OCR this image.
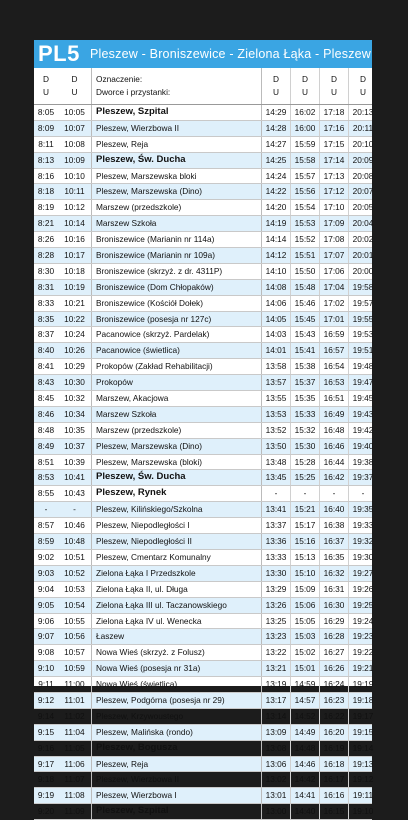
PL5 Pleszew - Broniszewice - Zielona Łąka - Pleszew
D
U
D
U
Oznaczenie:
Dworce i przystanki:
D
U
D
U
D
U
D
U
8:05	10:05	Pleszew, Szpital	14:29 16:02 17:18 20:13
8:09	10:07	Pleszew, Wierzbowa II	14:28 16:00 17:16	20:11
8:11	10:08	Pleszew, Reja	14:27 15:59 17:15 20:10
8:13	10:09	Pleszew, Św. Ducha	14:25 15:58 17:14 20:09
8:16	10:10	Pleszew, Marszewska bloki	14:24 15:57 17:13 20:08
8:18	10:11	Pleszew, Marszewska (Dino)	14:22 15:56 17:12 20:07
8:19	10:12	Marszew (przedszkole)	14:20 15:54 17:10 20:05
8:21	10:14	Marszew Szkoła	14:19 15:53 17:09 20:04
8:26	10:16	Broniszewice (Marianin nr 114a)	14:14 15:52 17:08 20:02
8:28	10:17	Broniszewice (Marianin nr 109a)	14:12 15:51 17:07 20:01
8:30	10:18	Broniszewice (skrzyż. z dr. 4311P)	14:10 15:50 17:06 20:00
8:31	10:19	Broniszewice (Dom Chłopaków)	14:08 15:48 17:04 19:58
8:33	10:21	Broniszewice (Kościół Dołek)	14:06 15:46 17:02 19:57
8:35	10:22	Broniszewice (posesja nr 127c)	14:05 15:45 17:01 19:55
8:37	10:24	Pacanowice (skrzyż. Pardelak)	14:03 15:43 16:59 19:53
8:40	10:26	Pacanowice (świetlica)	14:01 15:41 16:57 19:51
8:41	10:29	Prokopów (Zakład Rehabilitacji)	13:58 15:38 16:54 19:48
8:43	10:30	Prokopów	13:57 15:37 16:53 19:47
8:45	10:32	Marszew, Akacjowa	13:55 15:35 16:51 19:45
8:46	10:34	Marszew Szkoła	13:53 15:33 16:49 19:43
8:48	10:35	Marszew (przedszkole)	13:52 15:32 16:48 19:42
8:49	10:37	Pleszew, Marszewska (Dino)	13:50 15:30 16:46 19:40
8:51	10:39	Pleszew, Marszewska (bloki)	13:48 15:28 16:44 19:38
8:53	10:41	Pleszew, Św. Ducha	13:45 15:25 16:42 19:37
8:55	10:43	Pleszew, Rynek	-	-	-	-
-	-	Pleszew, Kilińskiego/Szkolna	13:41 15:21 16:40 19:35
8:57	10:46	Pleszew, Niepodległości I	13:37 15:17 16:38 19:33
8:59	10:48	Pleszew, Niepodległości II	13:36 15:16 16:37 19:32
9:02	10:51	Pleszew, Cmentarz Komunalny	13:33 15:13 16:35 19:30
9:03	10:52	Zielona Łąka I Przedszkole	13:30 15:10 16:32 19:27
9:04	10:53	Zielona Łąka II, ul. Długa	13:29 15:09 16:31 19:26
9:05	10:54	Zielona Łąka III ul. Taczanowskiego	13:26 15:06 16:30 19:25
9:06	10:55	Zielona Łąka IV ul. Wenecka	13:25 15:05 16:29 19:24
9:07	10:56	Łaszew	13:23 15:03 16:28 19:23
9:08	10:57	Nowa Wieś (skrzyż. z Folusz)	13:22 15:02 16:27 19:22
9:10	10:59	Nowa Wieś (posesja nr 31a)	13:21 15:01 16:26 19:21
9:11	11:00	Nowa Wieś (świetlica)	13:19 14:59 16:24 19:19
9:12	11:01	Pleszew, Podgórna (posesja nr 29)	13:17 14:57 16:23 19:18
9:14	11:02	Pleszew, Krzywoustego	13:14 14:52 16:22 19:17
9:15	11:04	Pleszew, Malińska (rondo)	13:09 14:49 16:20 19:15
9:16	11:05	Pleszew, Bogusza	13:08 14:48 16:19 19:14
9:17	11:06	Pleszew, Reja	13:06 14:46 16:18 19:13
9:18	11:07	Pleszew, Wierzbowa II	13:02 14:42 16:17 19:12
9:19	11:08	Pleszew, Wierzbowa I	13:01 14:41 16:16	19:11
9:20	11:09	Pleszew, Szpital	13:00 14:40 16:15 19:10
